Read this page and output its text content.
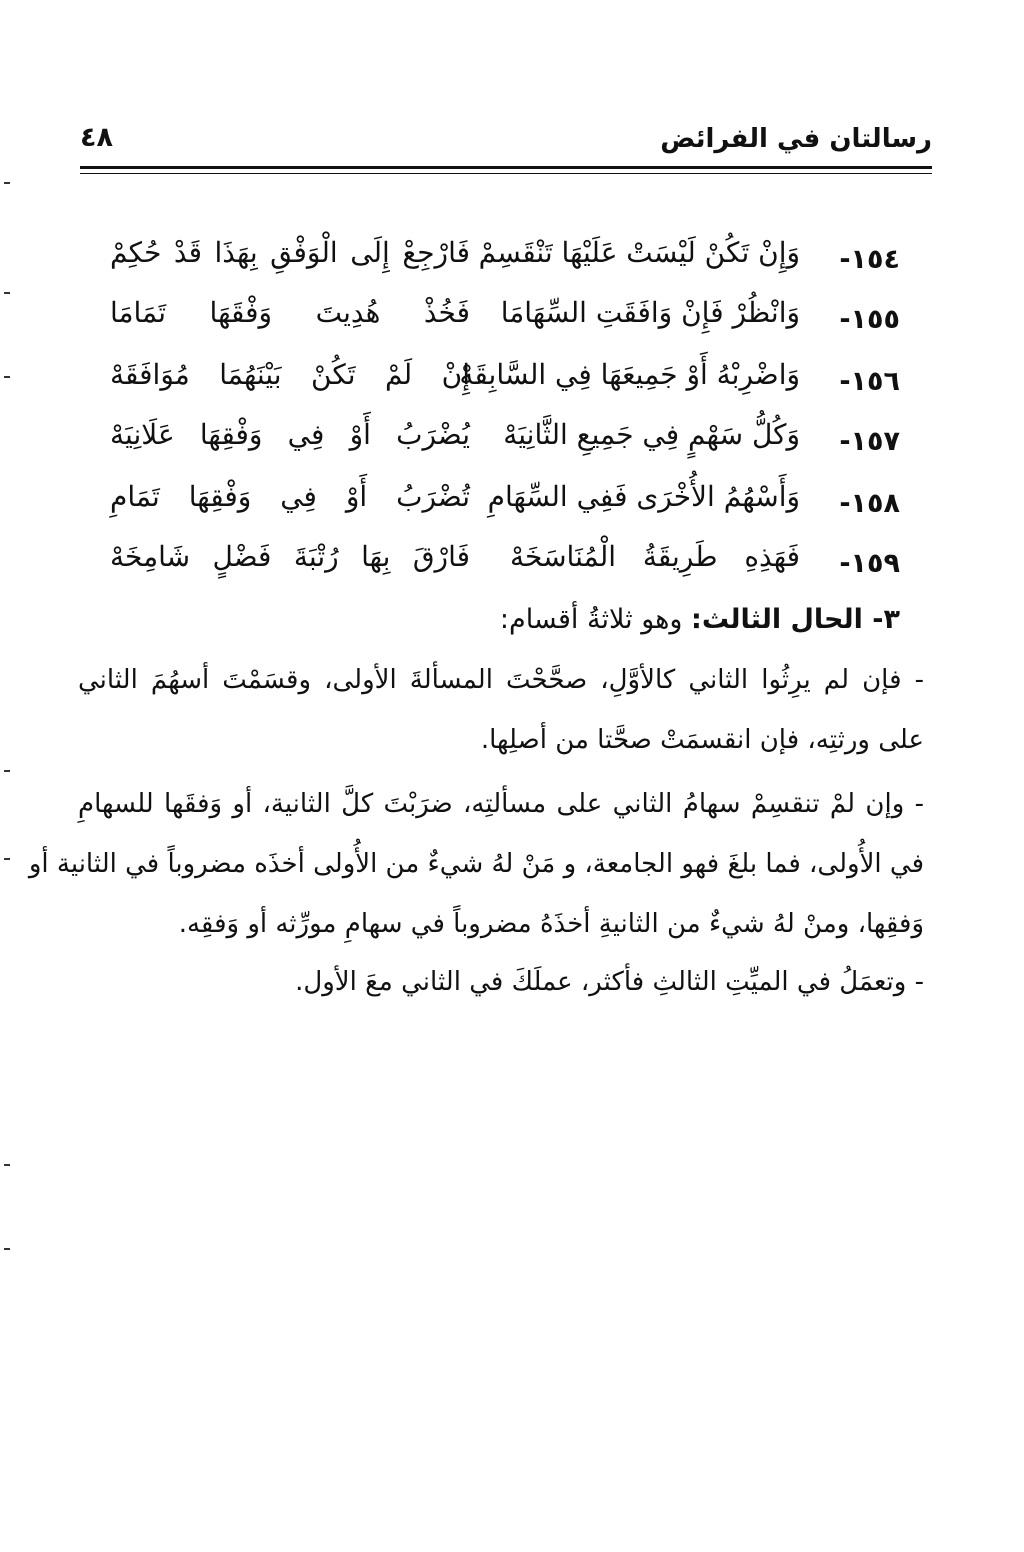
رسالتان في الفرائض
٤٨
١٥٤-
وَإِنْ تَكُنْ لَيْسَتْ عَلَيْهَا تَنْقَسِمْ
فَارْجِعْ إِلَى الْوَفْقِ بِهَذَا قَدْ حُكِمْ
١٥٥-
وَانْظُرْ فَإِنْ وَافَقَتِ السِّهَامَا
فَخُذْ هُدِيتَ وَفْقَهَا تَمَامَا
١٥٦-
وَاضْرِبْهُ أَوْ جَمِيعَهَا فِي السَّابِقَهْ
إِنْ لَمْ تَكُنْ بَيْنَهُمَا مُوَافَقَهْ
١٥٧-
وَكُلُّ سَهْمٍ فِي جَمِيعِ الثَّانِيَهْ
يُضْرَبُ أَوْ فِي وَفْقِهَا عَلَانِيَهْ
١٥٨-
وَأَسْهُمُ الأُخْرَى فَفِي السِّهَامِ
تُضْرَبُ أَوْ فِي وَفْقِهَا تَمَامِ
١٥٩-
فَهَذِهِ طَرِيقَةُ الْمُنَاسَخَهْ
فَارْقَ بِهَا رُتْبَةَ فَضْلٍ شَامِخَهْ
٣- الحال الثالث: وهو ثلاثةُ أقسام:
- فإن لم يرِثُوا الثاني كالأوَّلِ، صحَّحْتَ المسألةَ الأولى، وقسَمْتَ أسهُمَ الثاني
على ورثتِه، فإن انقسمَتْ صحَّتا من أصلِها.
- وإن لمْ تنقسِمْ سهامُ الثاني على مسألتِه، ضرَبْتَ كلَّ الثانية، أو وَفقَها للسهامِ
في الأُولى، فما بلغَ فهو الجامعة، و مَنْ لهُ شيءٌ من الأُولى أخذَه مضروباً في الثانية أو
وَفقِها، ومنْ لهُ شيءٌ من الثانيةِ أخذَهُ مضروباً في سهامِ مورِّثه أو وَفقِه.
- وتعمَلُ في الميِّتِ الثالثِ فأكثر، عملَكَ في الثاني معَ الأول.
